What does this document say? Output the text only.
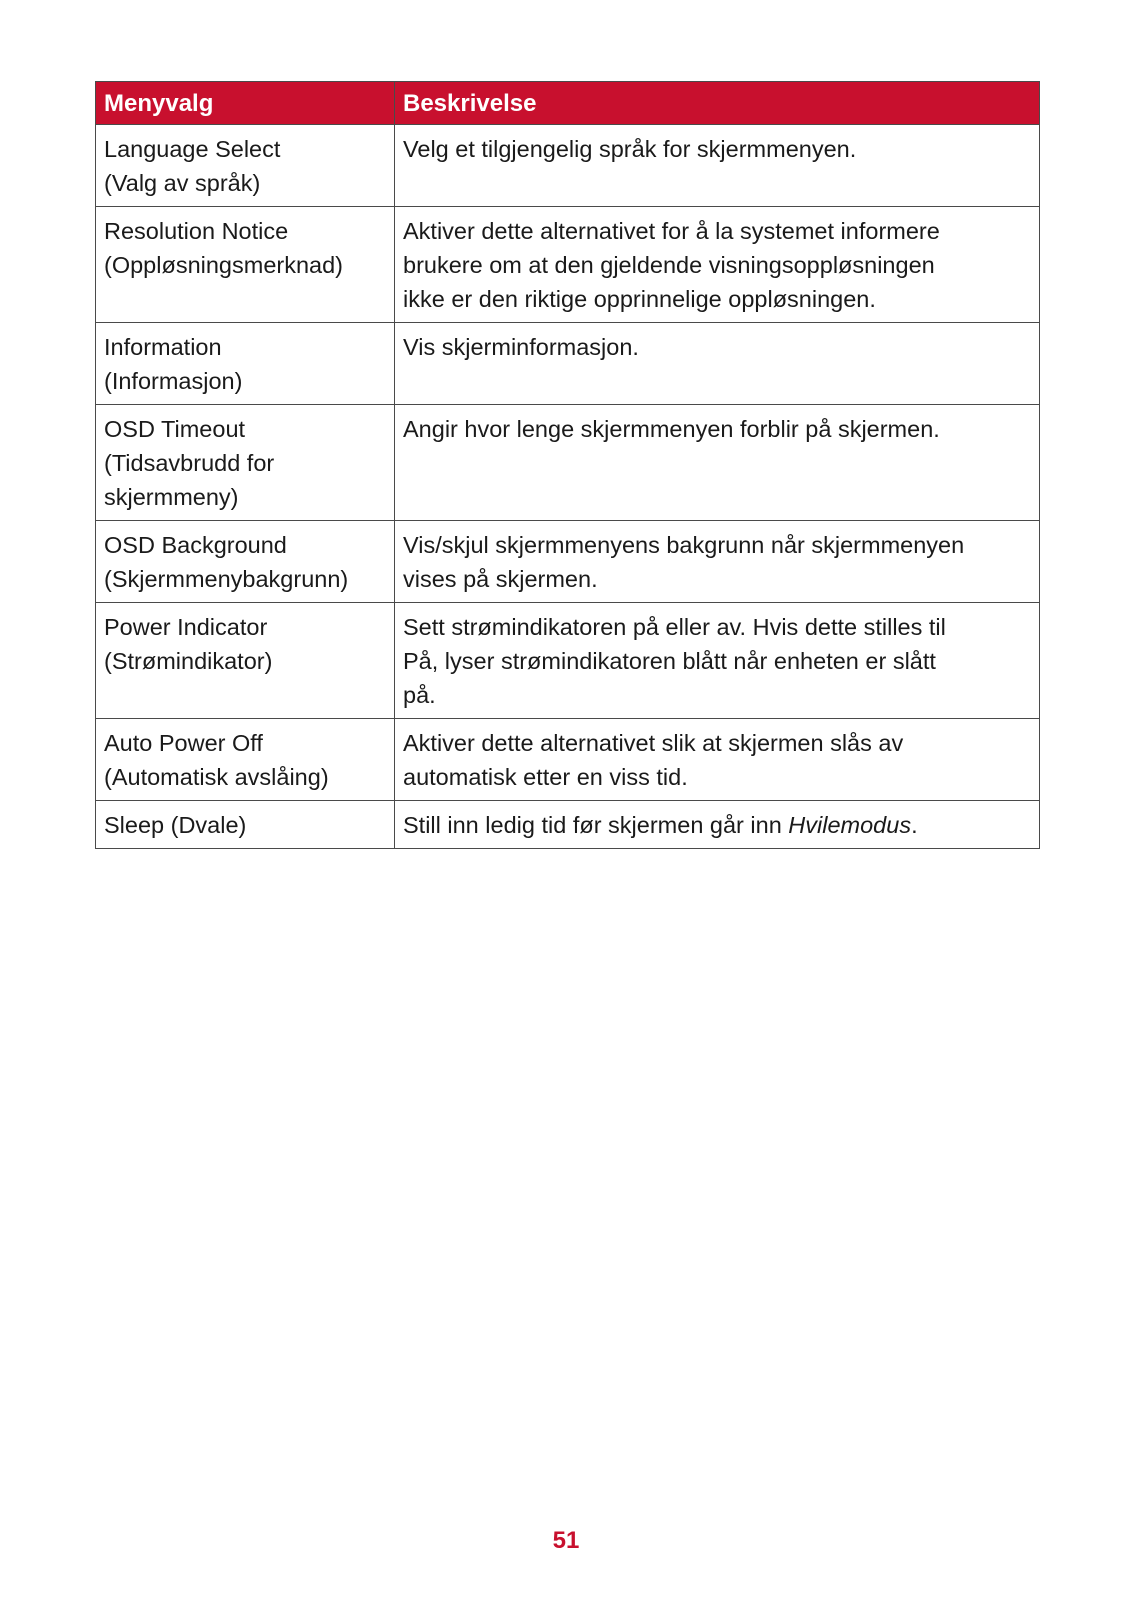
Menyvalg	Beskrivelse

Language Select
(Valg av språk)	Velg et tilgjengelig språk for skjermmenyen.

Resolution Notice
(Oppløsningsmerknad)	Aktiver dette alternativet for å la systemet informere
brukere om at den gjeldende visningsoppløsningen
ikke er den riktige opprinnelige oppløsningen.

Information
(Informasjon)	Vis skjerminformasjon.

OSD Timeout
(Tidsavbrudd for
skjermmeny)	Angir hvor lenge skjermmenyen forblir på skjermen.

OSD Background
(Skjermmenybakgrunn)	Vis/skjul skjermmenyens bakgrunn når skjermmenyen
vises på skjermen.

Power Indicator
(Strømindikator)	Sett strømindikatoren på eller av. Hvis dette stilles til
På, lyser strømindikatoren blått når enheten er slått
på.

Auto Power Off
(Automatisk avslåing)	Aktiver dette alternativet slik at skjermen slås av
automatisk etter en viss tid.

Sleep (Dvale)	Still inn ledig tid før skjermen går inn Hvilemodus.
51
